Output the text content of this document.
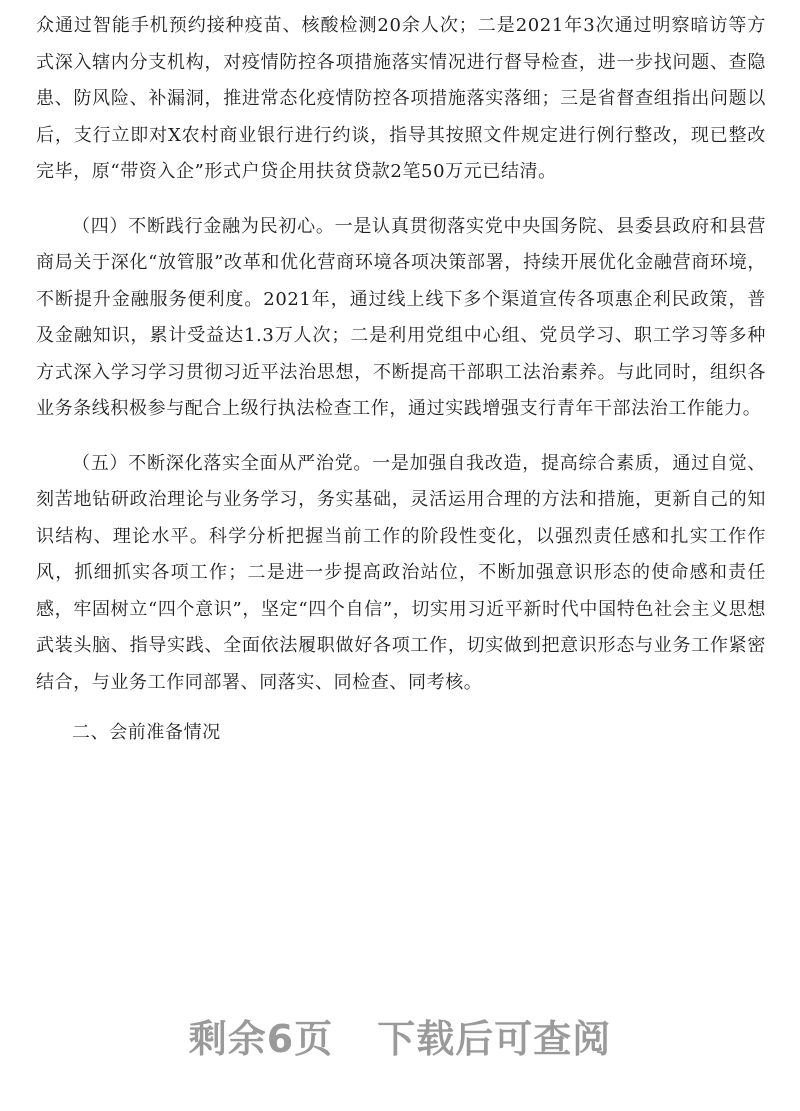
众通过智能手机预约接种疫苗、核酸检测20余人次；二是2021年3次通过明察暗访等方式深入辖内分支机构，对疫情防控各项措施落实情况进行督导检查，进一步找问题、查隐患、防风险、补漏洞，推进常态化疫情防控各项措施落实落细；三是省督查组指出问题以后，支行立即对X农村商业银行进行约谈，指导其按照文件规定进行例行整改，现已整改完毕，原“带资入企”形式户贷企用扶贫贷款2笔50万元已结清。

（四）不断践行金融为民初心。一是认真贯彻落实党中央国务院、县委县政府和县营商局关于深化“放管服”改革和优化营商环境各项决策部署，持续开展优化金融营商环境，不断提升金融服务便利度。2021年，通过线上线下多个渠道宣传各项惠企利民政策，普及金融知识，累计受益达1.3万人次；二是利用党组中心组、党员学习、职工学习等多种方式深入学习学习贯彻习近平法治思想，不断提高干部职工法治素养。与此同时，组织各业务条线积极参与配合上级行执法检查工作，通过实践增强支行青年干部法治工作能力。

（五）不断深化落实全面从严治党。一是加强自我改造，提高综合素质，通过自觉、刻苦地钻研政治理论与业务学习，务实基础，灵活运用合理的方法和措施，更新自己的知识结构、理论水平。科学分析把握当前工作的阶段性变化，以强烈责任感和扎实工作作风，抓细抓实各项工作；二是进一步提高政治站位，不断加强意识形态的使命感和责任感，牢固树立“四个意识”，坚定“四个自信”，切实用习近平新时代中国特色社会主义思想武装头脑、指导实践、全面依法履职做好各项工作，切实做到把意识形态与业务工作紧密结合，与业务工作同部署、同落实、同检查、同考核。

二、会前准备情况

剩余6页 下载后可查阅
